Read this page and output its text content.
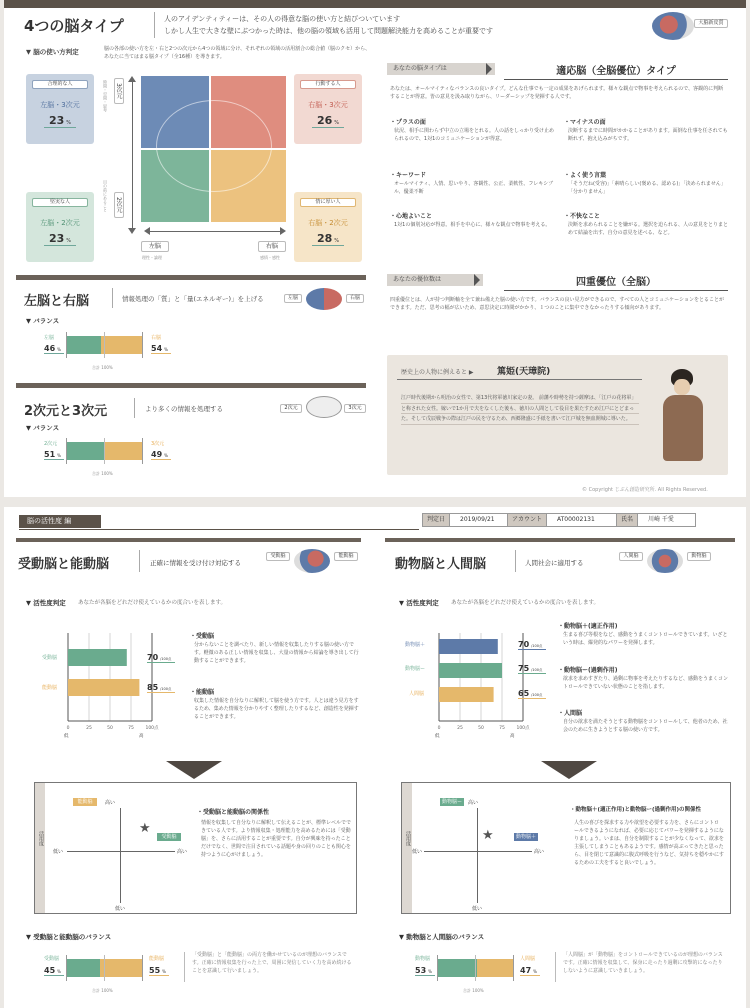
4つの脳タイプ	人のアイデンティティーは、その人の得意な脳の使い方と結びついています
しかし人生で大きな壁にぶつかった時は、他の脳の領域も活用して問題解決能力を高めることが重要です
大脳新皮質
▼ 脳の使い方判定	脳の各部の使い方を左・右と2つの次元から4つの領域に分け、それぞれの領域の活用割合の総合値（脳のクセ）から、あなたに当てはまる脳タイプ（全16種）を導きます。
合理的な人
左脳・3次元
23 %
行動する人
右脳・3次元
26 %
堅実な人
左脳・2次元
23 %
情に厚い人
右脳・2次元
28 %
3次元
2次元
時間・空間・思考
目の前にあること
左脳	右脳
理性・論理	感情・感性
あなたの脳タイプは	適応脳（全脳優位）タイプ
あなたは、オールマイティなバランスの良いタイプ。どんな仕事でも一定の成果をあげられます。様々な観点で物事を考えられるので、客観的に判断することが得意。皆の意見を汲み取りながら、リーダーシップを発揮する人です。
・プラスの面
状況、相手に関わらず中立の立場をとれる。人の話をしっかり受け止められるので、1対1のコミュニケーションが得意。
・マイナスの面
決断するまでに時間がかかることがあります。面倒な仕事を任されても断れず、抱え込みがちです。
・キーワード
オールマイティ、人情、思いやり、客観性、公正、柔軟性、フレキシブル、優柔不断
・よく使う言葉
「そうだね(受容)」「素晴らしい(褒める、認める)」「決められません」「分かりません」
・心地よいこと
1対1の個別対応が得意。相手を中心に、様々な観点で物事を考える。
・不快なこと
決断を求められることを嫌がる。選択を迫られる、人の意見をとりまとめて結論を出す、自分の意見を述べる、など。
あなたの優位数は	四重優位（全脳）
四重優位とは、人が持つ判断軸を全て兼ね備えた脳の使い方です。バランスの良い見方ができるので、すべての人とコミュニケーションをとることができます。ただ、思考の幅が広いため、意思決定に時間がかかり、１つのことに集中できなかったりする傾向があります。
左脳と右脳	情報処理の「質」と「量(エネルギー)」を上げる	左脳	右脳
▼ バランス
左脳
46 %
右脳
54 %
合計 100%
2次元と3次元	より多くの情報を処理する	2次元	3次元
▼ バランス
2次元
51 %
3次元
49 %
合計 100%
歴史上の人物に例えると ▶	篤姫(天璋院)
江戸時代後期から明治の女性で、第13代将軍徳川家定の妻。 前藩や時勢を持つ薩摩は、「江戸の花将軍」と称された女性。嫁いで1か月で夫をなくした後も、徳川の人間として役目を果たすため江戸にとどまった。そして戊辰戦争の際は江戸の民を守るため、西郷隆盛に手紙を書いて江戸城を無血開城に導いた。
© Copyright じぶん創造研究所. All Rights Reserved.
脳の活性度 編	判定日	2019/09/21	アカウント	AT00002131	氏名	川崎 千愛
受動脳と能動脳	正確に情報を受け付け対応する
受動脳	能動脳
▼ 活性度判定 あなたが各脳をどれだけ使えているかの度合いを表します。
0	25	50	75	100点
受動脳
能動脳
70 /100点
85 /100点
低	高
・受動脳
分からないことを調べたり、新しい情報を収集したりする脳の使い方です。軽微のある正しい情報を収集し、大量の情報から結論を導き出して行動することができます。
・能動脳
収集した情報を自分なりに解釈して脳を使う方です。人とは違う見方をするため、集めた情報を分かりやすく整理したりするなど、創造性を発揮することができます。
活用度
能動脳	高い
低い
受動脳
高い
低い
★
・受動脳と能動脳の関係性
情報を収集して自分なりに解釈して伝えることが、標準レベルでできている人です。より情報収集・処理能力を高めるためには「受動脳」を、さらに活用することが重要です。自分が興味を持ったことだけでなく、世間で注目されている話題や身の回りのことも関心を持つように心がけましょう。
▼ 受動脳と能動脳のバランス
受動脳
45 %
能動脳
55 %
合計 100%
「受動脳」と「能動脳」の両方を働かせているのが理想のバランスです。正確に情報収集を行った上で、周囲に発信していく力を高め続けることを意識して行いましょう。
動物脳と人間脳	人間社会に適用する
人間脳	動物脳
▼ 活性度判定 あなたが各脳をどれだけ使えているかの度合いを表します。
0	25	50	75	100点
動物脳＋
動物脳ー
人間脳
70 /100点
75 /100点
65 /100点
低	高
・動物脳＋(適正作用)
生まる喜び等根をなど、感動をうまくコントロールできています。いざという時は、爆発的なパワーを発揮します。
・動物脳ー(過剰作用)
欲求を求めすぎたり、過剰に物事を考えたりするなど、感動をうまくコントロールできていない状態のことを指します。
・人間脳
自分の欲求を満たそうとする動物脳をコントロールして、他者のため、社会のために生きようとする脳の使い方です。
活用度
動物脳ー	高い
低い
動物脳＋
高い
低い
★
・動物脳＋(適正作用)と動物脳ー(過剰作用)の関係性
人生の喜びを探求する力や欲望を必要する力を、さらにコントロールできるようになれば、必要に応じてパワーを発揮するようになりましょう。いまは、自分を制限することが少なくなって、欲求を主張してしまうこともあるようです。感情が高ぶってきたと思ったら、目を閉じて意識的に腹式呼吸を行うなど、気持ちを穏やかにするための工夫をすると良いでしょう。
▼ 動物脳と人間脳のバランス
動物脳
53 %
人間脳
47 %
合計 100%
「人間脳」が「動物脳」をコントロールできているのが理想のバランスです。正確に情報を収集して、保身に走ったり過剰に攻撃的になったりしないように意識していきましょう。
